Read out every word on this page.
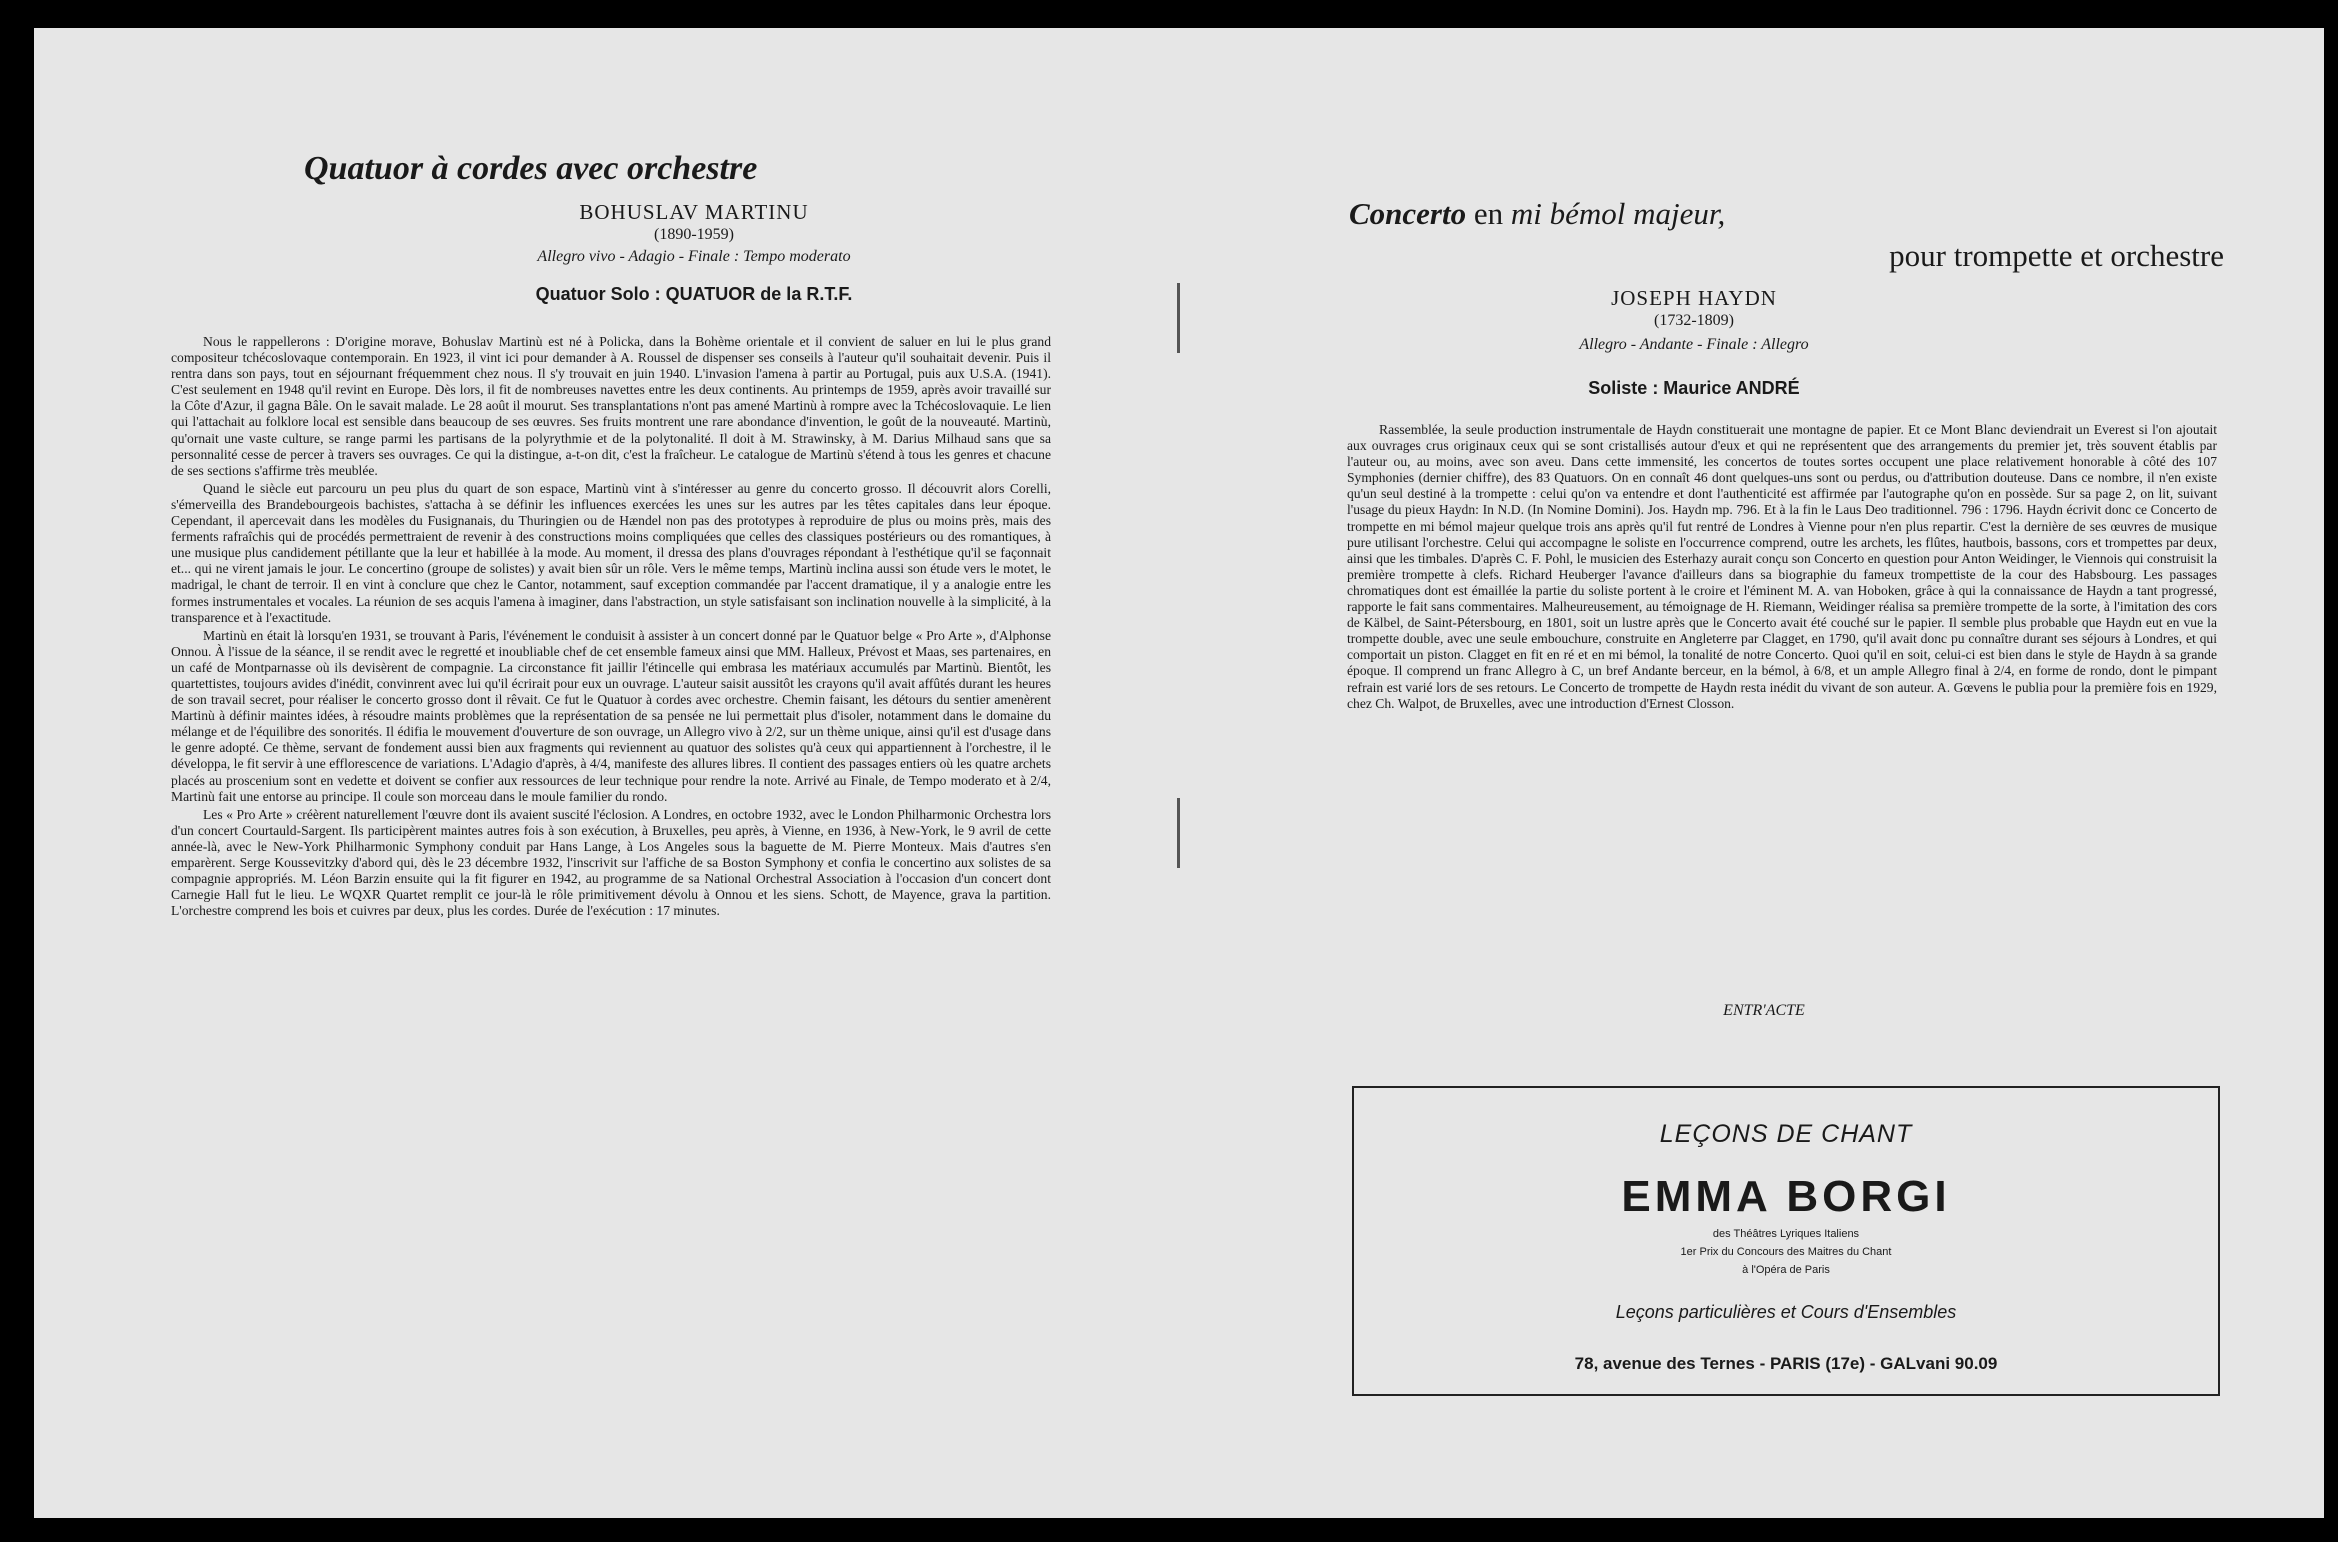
Quatuor à cordes avec orchestre
BOHUSLAV MARTINU
(1890-1959)
Allegro vivo - Adagio - Finale : Tempo moderato
Quatuor Solo : QUATUOR de la R.T.F.

Nous le rappellerons : D'origine morave, Bohuslav Martinù est né à Policka, dans la Bohème orientale et il convient de saluer en lui le plus grand compositeur tchécoslovaque contemporain. En 1923, il vint ici pour demander à A. Roussel de dispenser ses conseils à l'auteur qu'il souhaitait devenir. Puis il rentra dans son pays, tout en séjournant fréquemment chez nous. Il s'y trouvait en juin 1940. L'invasion l'amena à partir au Portugal, puis aux U.S.A. (1941). C'est seulement en 1948 qu'il revint en Europe. Dès lors, il fit de nombreuses navettes entre les deux continents. Au printemps de 1959, après avoir travaillé sur la Côte d'Azur, il gagna Bâle. On le savait malade. Le 28 août il mourut. Ses transplantations n'ont pas amené Martinù à rompre avec la Tchécoslovaquie. Le lien qui l'attachait au folklore local est sensible dans beaucoup de ses œuvres. Ses fruits montrent une rare abondance d'invention, le goût de la nouveauté. Martinù, qu'ornait une vaste culture, se range parmi les partisans de la polyrythmie et de la polytonalité. Il doit à M. Strawinsky, à M. Darius Milhaud sans que sa personnalité cesse de percer à travers ses ouvrages. Ce qui la distingue, a-t-on dit, c'est la fraîcheur. Le catalogue de Martinù s'étend à tous les genres et chacune de ses sections s'affirme très meublée.

Quand le siècle eut parcouru un peu plus du quart de son espace, Martinù vint à s'intéresser au genre du concerto grosso. Il découvrit alors Corelli, s'émerveilla des Brandebourgeois bachistes, s'attacha à se définir les influences exercées les unes sur les autres par les têtes capitales dans leur époque. Cependant, il apercevait dans les modèles du Fusignanais, du Thuringien ou de Hændel non pas des prototypes à reproduire de plus ou moins près, mais des ferments rafraîchis qui de procédés permettraient de revenir à des constructions moins compliquées que celles des classiques postérieurs ou des romantiques, à une musique plus candidement pétillante que la leur et habillée à la mode. Au moment, il dressa des plans d'ouvrages répondant à l'esthétique qu'il se façonnait et... qui ne virent jamais le jour. Le concertino (groupe de solistes) y avait bien sûr un rôle. Vers le même temps, Martinù inclina aussi son étude vers le motet, le madrigal, le chant de terroir. Il en vint à conclure que chez le Cantor, notamment, sauf exception commandée par l'accent dramatique, il y a analogie entre les formes instrumentales et vocales. La réunion de ses acquis l'amena à imaginer, dans l'abstraction, un style satisfaisant son inclination nouvelle à la simplicité, à la transparence et à l'exactitude.

Martinù en était là lorsqu'en 1931, se trouvant à Paris, l'événement le conduisit à assister à un concert donné par le Quatuor belge « Pro Arte », d'Alphonse Onnou. À l'issue de la séance, il se rendit avec le regretté et inoubliable chef de cet ensemble fameux ainsi que MM. Halleux, Prévost et Maas, ses partenaires, en un café de Montparnasse où ils devisèrent de compagnie. La circonstance fit jaillir l'étincelle qui embrasa les matériaux accumulés par Martinù. Bientôt, les quartettistes, toujours avides d'inédit, convinrent avec lui qu'il écrirait pour eux un ouvrage. L'auteur saisit aussitôt les crayons qu'il avait affûtés durant les heures de son travail secret, pour réaliser le concerto grosso dont il rêvait. Ce fut le Quatuor à cordes avec orchestre. Chemin faisant, les détours du sentier amenèrent Martinù à définir maintes idées, à résoudre maints problèmes que la représentation de sa pensée ne lui permettait plus d'isoler, notamment dans le domaine du mélange et de l'équilibre des sonorités. Il édifia le mouvement d'ouverture de son ouvrage, un Allegro vivo à 2/2, sur un thème unique, ainsi qu'il est d'usage dans le genre adopté. Ce thème, servant de fondement aussi bien aux fragments qui reviennent au quatuor des solistes qu'à ceux qui appartiennent à l'orchestre, il le développa, le fit servir à une efflorescence de variations. L'Adagio d'après, à 4/4, manifeste des allures libres. Il contient des passages entiers où les quatre archets placés au proscenium sont en vedette et doivent se confier aux ressources de leur technique pour rendre la note. Arrivé au Finale, de Tempo moderato et à 2/4, Martinù fait une entorse au principe. Il coule son morceau dans le moule familier du rondo.

Les « Pro Arte » créèrent naturellement l'œuvre dont ils avaient suscité l'éclosion. A Londres, en octobre 1932, avec le London Philharmonic Orchestra lors d'un concert Courtauld-Sargent. Ils participèrent maintes autres fois à son exécution, à Bruxelles, peu après, à Vienne, en 1936, à New-York, le 9 avril de cette année-là, avec le New-York Philharmonic Symphony conduit par Hans Lange, à Los Angeles sous la baguette de M. Pierre Monteux. Mais d'autres s'en emparèrent. Serge Koussevitzky d'abord qui, dès le 23 décembre 1932, l'inscrivit sur l'affiche de sa Boston Symphony et confia le concertino aux solistes de sa compagnie appropriés. M. Léon Barzin ensuite qui la fit figurer en 1942, au programme de sa National Orchestral Association à l'occasion d'un concert dont Carnegie Hall fut le lieu. Le WQXR Quartet remplit ce jour-là le rôle primitivement dévolu à Onnou et les siens. Schott, de Mayence, grava la partition. L'orchestre comprend les bois et cuivres par deux, plus les cordes. Durée de l'exécution : 17 minutes.

Concerto en mi bémol majeur,
pour trompette et orchestre
JOSEPH HAYDN
(1732-1809)
Allegro - Andante - Finale : Allegro
Soliste : Maurice ANDRÉ

Rassemblée, la seule production instrumentale de Haydn constituerait une montagne de papier. Et ce Mont Blanc deviendrait un Everest si l'on ajoutait aux ouvrages crus originaux ceux qui se sont cristallisés autour d'eux et qui ne représentent que des arrangements du premier jet, très souvent établis par l'auteur ou, au moins, avec son aveu. Dans cette immensité, les concertos de toutes sortes occupent une place relativement honorable à côté des 107 Symphonies (dernier chiffre), des 83 Quatuors. On en connaît 46 dont quelques-uns sont ou perdus, ou d'attribution douteuse. Dans ce nombre, il n'en existe qu'un seul destiné à la trompette : celui qu'on va entendre et dont l'authenticité est affirmée par l'autographe qu'on en possède. Sur sa page 2, on lit, suivant l'usage du pieux Haydn: In N.D. (In Nomine Domini). Jos. Haydn mp. 796. Et à la fin le Laus Deo traditionnel. 796 : 1796. Haydn écrivit donc ce Concerto de trompette en mi bémol majeur quelque trois ans après qu'il fut rentré de Londres à Vienne pour n'en plus repartir. C'est la dernière de ses œuvres de musique pure utilisant l'orchestre. Celui qui accompagne le soliste en l'occurrence comprend, outre les archets, les flûtes, hautbois, bassons, cors et trompettes par deux, ainsi que les timbales. D'après C. F. Pohl, le musicien des Esterhazy aurait conçu son Concerto en question pour Anton Weidinger, le Viennois qui construisit la première trompette à clefs. Richard Heuberger l'avance d'ailleurs dans sa biographie du fameux trompettiste de la cour des Habsbourg. Les passages chromatiques dont est émaillée la partie du soliste portent à le croire et l'éminent M. A. van Hoboken, grâce à qui la connaissance de Haydn a tant progressé, rapporte le fait sans commentaires. Malheureusement, au témoignage de H. Riemann, Weidinger réalisa sa première trompette de la sorte, à l'imitation des cors de Kälbel, de Saint-Pétersbourg, en 1801, soit un lustre après que le Concerto avait été couché sur le papier. Il semble plus probable que Haydn eut en vue la trompette double, avec une seule embouchure, construite en Angleterre par Clagget, en 1790, qu'il avait donc pu connaître durant ses séjours à Londres, et qui comportait un piston. Clagget en fit en ré et en mi bémol, la tonalité de notre Concerto. Quoi qu'il en soit, celui-ci est bien dans le style de Haydn à sa grande époque. Il comprend un franc Allegro à C, un bref Andante berceur, en la bémol, à 6/8, et un ample Allegro final à 2/4, en forme de rondo, dont le pimpant refrain est varié lors de ses retours. Le Concerto de trompette de Haydn resta inédit du vivant de son auteur. A. Gœvens le publia pour la première fois en 1929, chez Ch. Walpot, de Bruxelles, avec une introduction d'Ernest Closson.

ENTR'ACTE
LEÇONS DE CHANT
EMMA BORGI
des Théâtres Lyriques Italiens
1er Prix du Concours des Maitres du Chant
à l'Opéra de Paris
Leçons particulières et Cours d'Ensembles
78, avenue des Ternes - PARIS (17e) - GALvani 90.09
